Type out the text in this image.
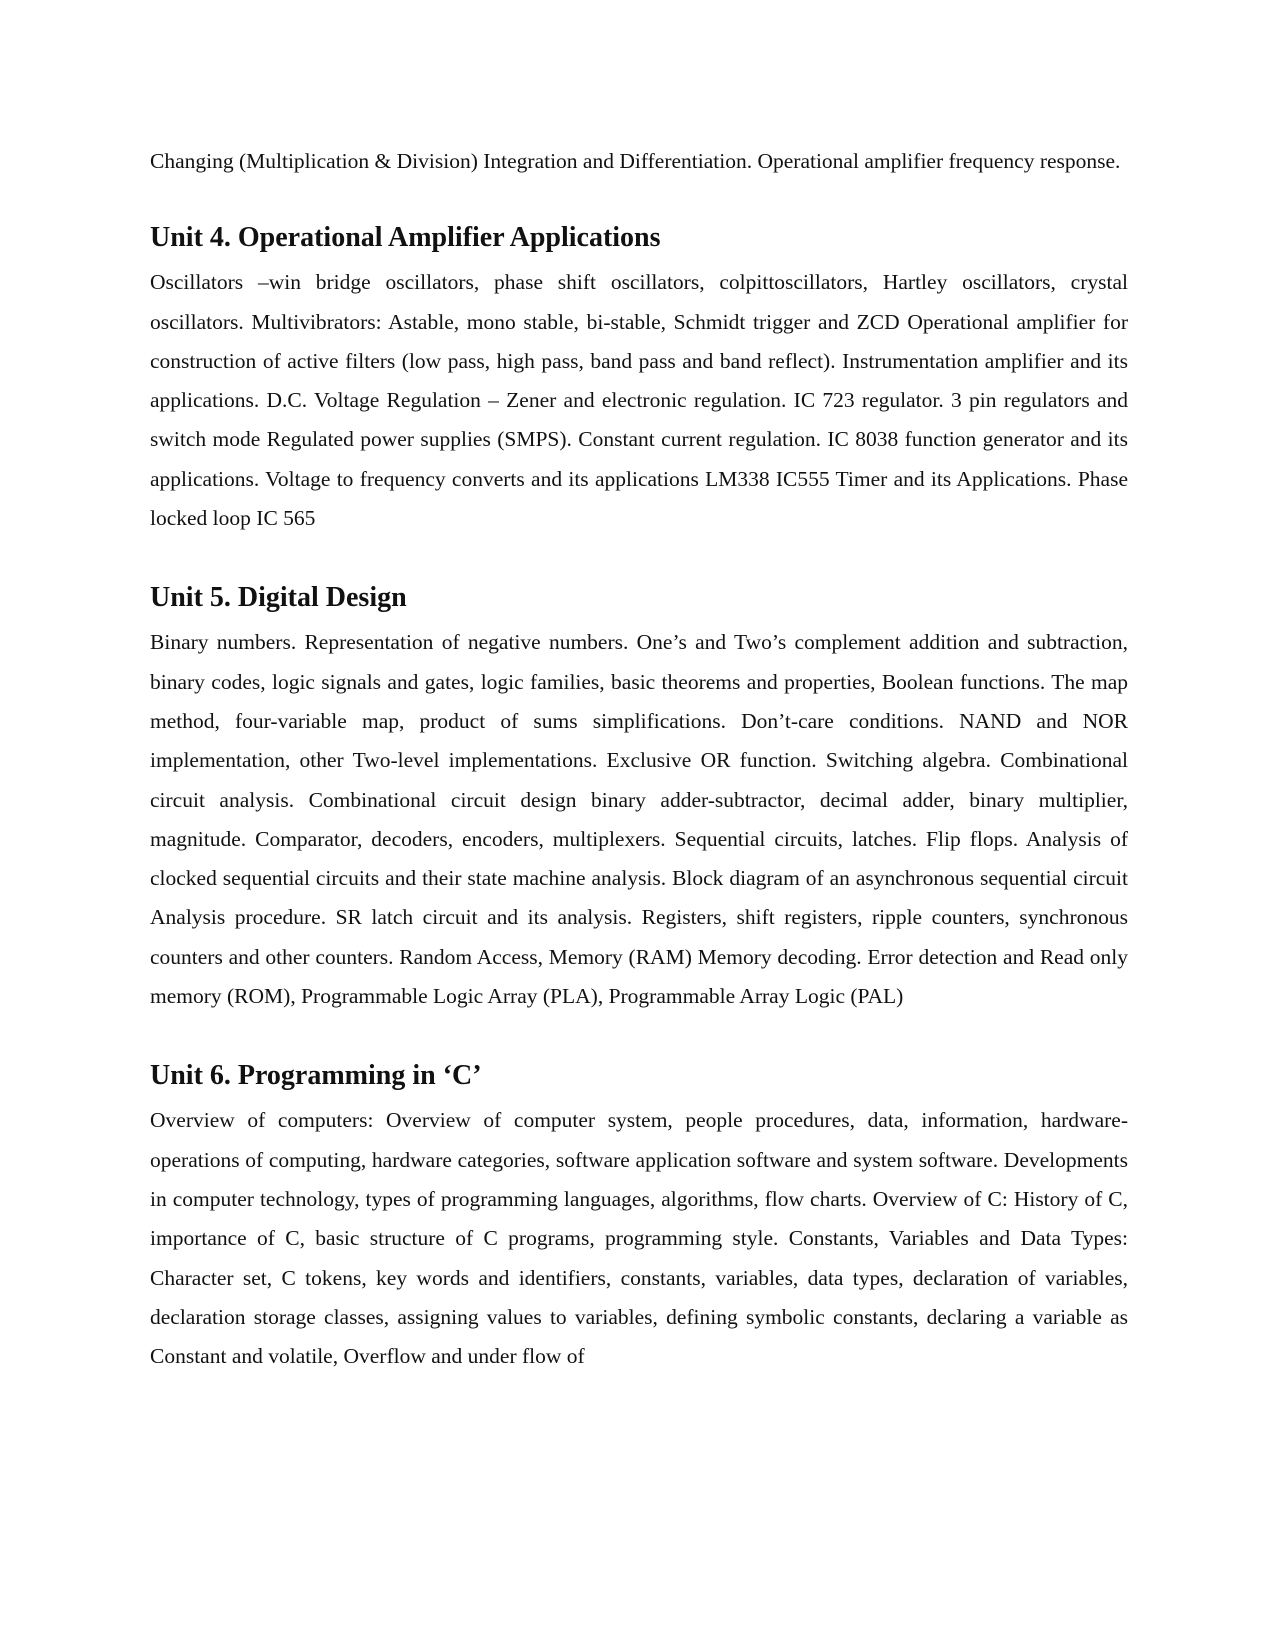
Changing (Multiplication & Division) Integration and Differentiation. Operational amplifier frequency response.

Unit 4. Operational Amplifier Applications

Oscillators –win bridge oscillators, phase shift oscillators, colpittoscillators, Hartley oscillators, crystal oscillators. Multivibrators: Astable, mono stable, bi-stable, Schmidt trigger and ZCD Operational amplifier for construction of active filters (low pass, high pass, band pass and band reflect). Instrumentation amplifier and its applications. D.C. Voltage Regulation – Zener and electronic regulation. IC 723 regulator. 3 pin regulators and switch mode Regulated power supplies (SMPS). Constant current regulation. IC 8038 function generator and its applications. Voltage to frequency converts and its applications LM338 IC555 Timer and its Applications. Phase locked loop IC 565

Unit 5. Digital Design

Binary numbers. Representation of negative numbers. One’s and Two’s complement addition and subtraction, binary codes, logic signals and gates, logic families, basic theorems and properties, Boolean functions. The map method, four-variable map, product of sums simplifications. Don’t-care conditions. NAND and NOR implementation, other Two-level implementations. Exclusive OR function. Switching algebra. Combinational circuit analysis. Combinational circuit design binary adder-subtractor, decimal adder, binary multiplier, magnitude. Comparator, decoders, encoders, multiplexers. Sequential circuits, latches. Flip flops. Analysis of clocked sequential circuits and their state machine analysis. Block diagram of an asynchronous sequential circuit Analysis procedure. SR latch circuit and its analysis. Registers, shift registers, ripple counters, synchronous counters and other counters. Random Access, Memory (RAM) Memory decoding. Error detection and Read only memory (ROM), Programmable Logic Array (PLA), Programmable Array Logic (PAL)

Unit 6. Programming in ‘C’

Overview of computers: Overview of computer system, people procedures, data, information, hardware-operations of computing, hardware categories, software application software and system software. Developments in computer technology, types of programming languages, algorithms, flow charts. Overview of C: History of C, importance of C, basic structure of C programs, programming style. Constants, Variables and Data Types: Character set, C tokens, key words and identifiers, constants, variables, data types, declaration of variables, declaration storage classes, assigning values to variables, defining symbolic constants, declaring a variable as Constant and volatile, Overflow and under flow of
